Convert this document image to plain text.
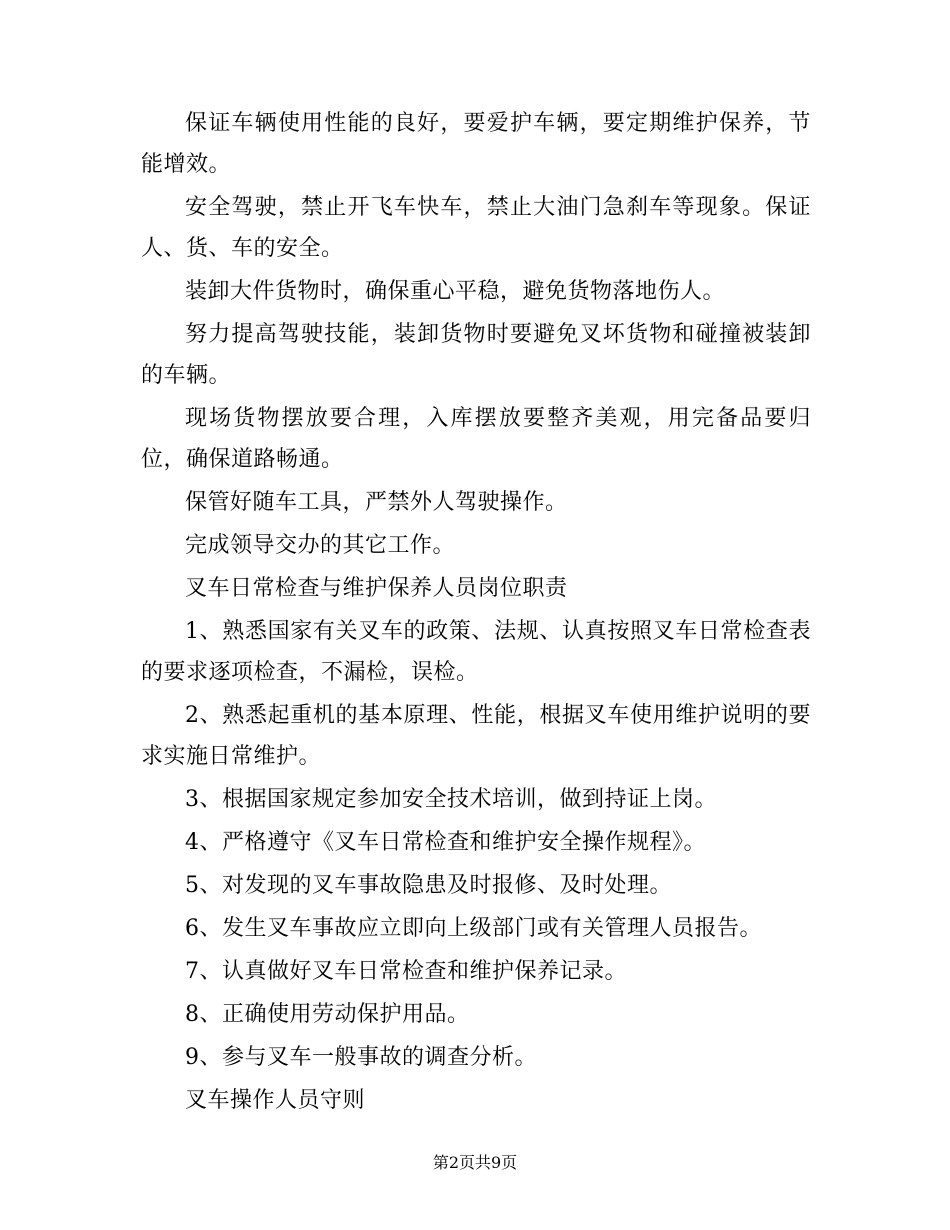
保证车辆使用性能的良好，要爱护车辆，要定期维护保养，节能增效。

安全驾驶，禁止开飞车快车，禁止大油门急刹车等现象。保证人、货、车的安全。

装卸大件货物时，确保重心平稳，避免货物落地伤人。

努力提高驾驶技能，装卸货物时要避免叉坏货物和碰撞被装卸的车辆。

现场货物摆放要合理，入库摆放要整齐美观，用完备品要归位，确保道路畅通。

保管好随车工具，严禁外人驾驶操作。

完成领导交办的其它工作。

叉车日常检查与维护保养人员岗位职责

1、熟悉国家有关叉车的政策、法规、认真按照叉车日常检查表的要求逐项检查，不漏检，误检。

2、熟悉起重机的基本原理、性能，根据叉车使用维护说明的要求实施日常维护。

3、根据国家规定参加安全技术培训，做到持证上岗。

4、严格遵守《叉车日常检查和维护安全操作规程》。

5、对发现的叉车事故隐患及时报修、及时处理。

6、发生叉车事故应立即向上级部门或有关管理人员报告。

7、认真做好叉车日常检查和维护保养记录。

8、正确使用劳动保护用品。

9、参与叉车一般事故的调查分析。

叉车操作人员守则

第2页共9页
